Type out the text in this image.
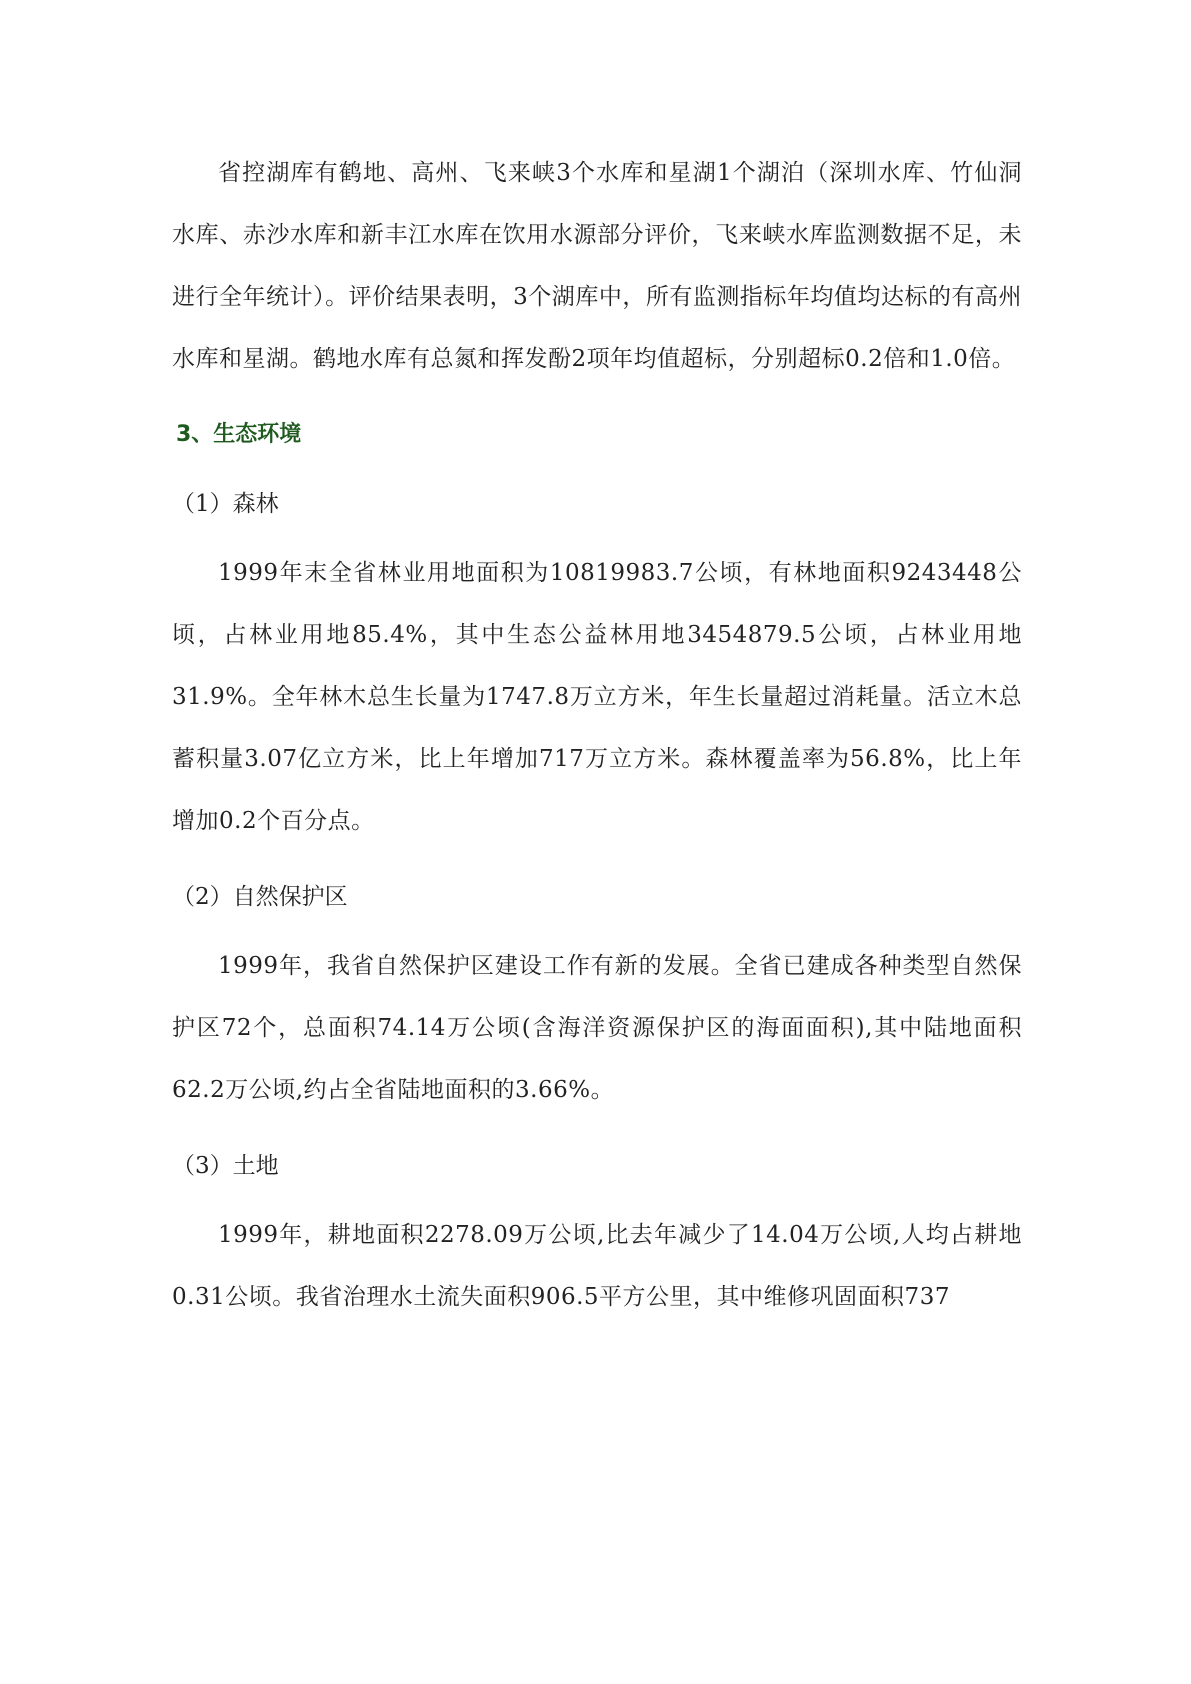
省控湖库有鹤地、高州、飞来峡3个水库和星湖1个湖泊（深圳水库、竹仙洞水库、赤沙水库和新丰江水库在饮用水源部分评价，飞来峡水库监测数据不足，未进行全年统计）。评价结果表明，3个湖库中，所有监测指标年均值均达标的有高州水库和星湖。鹤地水库有总氮和挥发酚2项年均值超标，分别超标0.2倍和1.0倍。

3、生态环境

（1）森林

1999年末全省林业用地面积为10819983.7公顷，有林地面积9243448公顷，占林业用地85.4%，其中生态公益林用地3454879.5公顷，占林业用地31.9%。全年林木总生长量为1747.8万立方米，年生长量超过消耗量。活立木总蓄积量3.07亿立方米，比上年增加717万立方米。森林覆盖率为56.8%，比上年增加0.2个百分点。

（2）自然保护区

1999年，我省自然保护区建设工作有新的发展。全省已建成各种类型自然保护区72个，总面积74.14万公顷(含海洋资源保护区的海面面积),其中陆地面积62.2万公顷,约占全省陆地面积的3.66%。

（3）土地

1999年，耕地面积2278.09万公顷,比去年减少了14.04万公顷,人均占耕地0.31公顷。我省治理水土流失面积906.5平方公里，其中维修巩固面积737
